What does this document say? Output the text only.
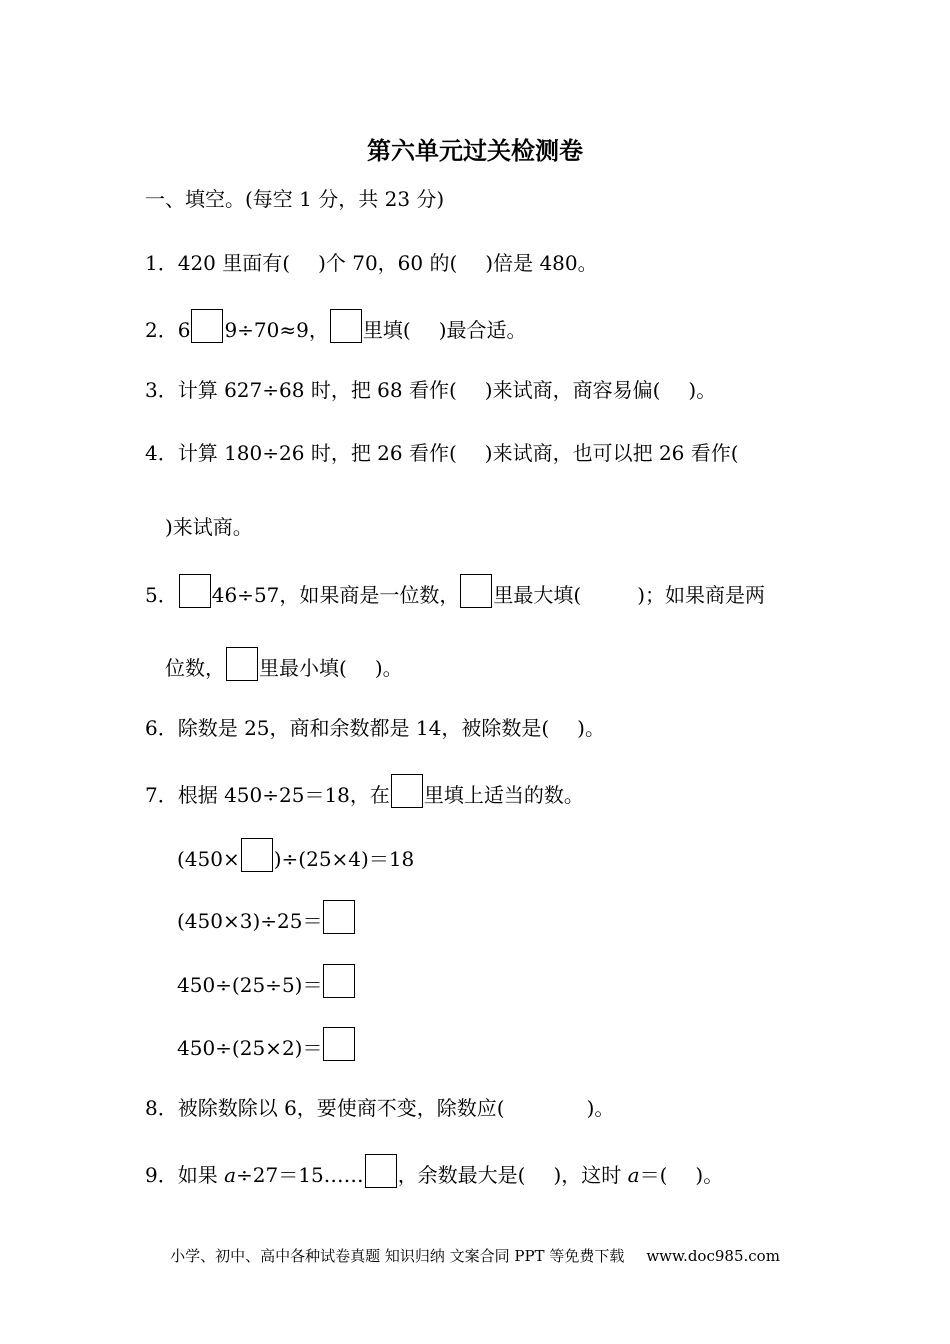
第六单元过关检测卷
一、填空。(每空 1 分，共 23 分)
1．420 里面有( )个 70，60 的( )倍是 480。
2．6 9÷70≈9， 里填( )最合适。
3．计算 627÷68 时，把 68 看作( )来试商，商容易偏( )。
4．计算 180÷26 时，把 26 看作( )来试商，也可以把 26 看作(
)来试商。
5． 46÷57，如果商是一位数， 里最大填(	)；如果商是两
位数， 里最小填( )。
6．除数是 25，商和余数都是 14，被除数是( )。
7．根据 450÷25＝18，在 里填上适当的数。
(450× )÷(25×4)＝18
(450×3)÷25＝
450÷(25÷5)＝
450÷(25×2)＝
8．被除数除以 6，要使商不变，除数应(	)。
9．如果 a÷27＝15…… ，余数最大是( )，这时 a＝( )。
小学、初中、高中各种试卷真题 知识归纳 文案合同 PPT 等免费下载 www.doc985.com
